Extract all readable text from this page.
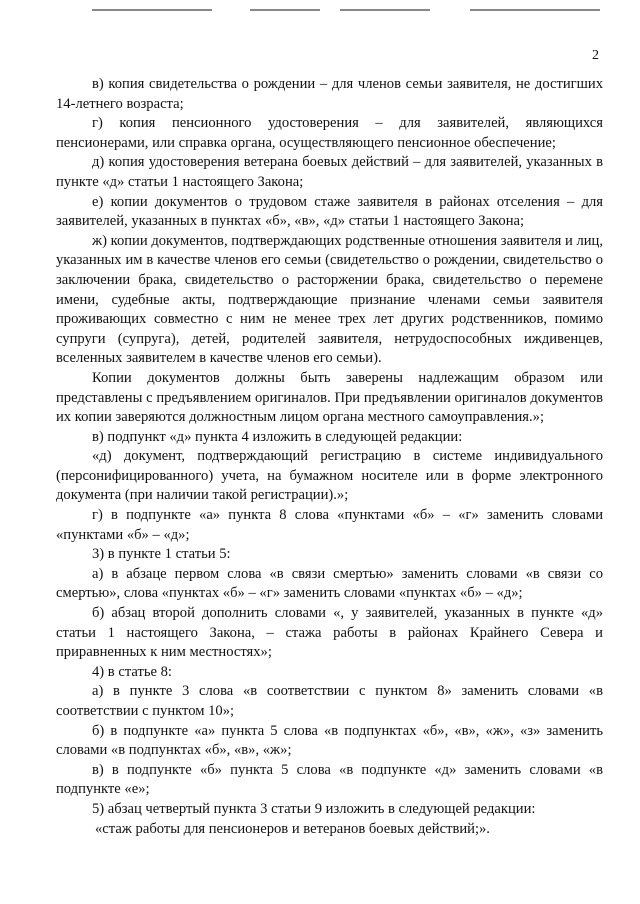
2

в) копия свидетельства о рождении – для членов семьи заявителя, не достигших 14-летнего возраста;

г) копия пенсионного удостоверения – для заявителей, являющихся пенсионерами, или справка органа, осуществляющего пенсионное обеспечение;

д) копия удостоверения ветерана боевых действий – для заявителей, указанных в пункте «д» статьи 1 настоящего Закона;

е) копии документов о трудовом стаже заявителя в районах отселения – для заявителей, указанных в пунктах «б», «в», «д» статьи 1 настоящего Закона;

ж) копии документов, подтверждающих родственные отношения заявителя и лиц, указанных им в качестве членов его семьи (свидетельство о рождении, свидетельство о заключении брака, свидетельство о расторжении брака, свидетельство о перемене имени, судебные акты, подтверждающие признание членами семьи заявителя проживающих совместно с ним не менее трех лет других родственников, помимо супруги (супруга), детей, родителей заявителя, нетрудоспособных иждивенцев, вселенных заявителем в качестве членов его семьи).

Копии документов должны быть заверены надлежащим образом или представлены с предъявлением оригиналов. При предъявлении оригиналов документов их копии заверяются должностным лицом органа местного самоуправления.»;

в) подпункт «д» пункта 4 изложить в следующей редакции:

«д) документ, подтверждающий регистрацию в системе индивидуального (персонифицированного) учета, на бумажном носителе или в форме электронного документа (при наличии такой регистрации).»;

г) в подпункте «а» пункта 8 слова «пунктами «б» – «г» заменить словами «пунктами «б» – «д»;

3) в пункте 1 статьи 5:

а) в абзаце первом слова «в связи смертью» заменить словами «в связи со смертью», слова «пунктах «б» – «г» заменить словами «пунктах «б» – «д»;

б) абзац второй дополнить словами «, у заявителей, указанных в пункте «д» статьи 1 настоящего Закона, – стажа работы в районах Крайнего Севера и приравненных к ним местностях»;

4) в статье 8:

а) в пункте 3 слова «в соответствии с пунктом 8» заменить словами «в соответствии с пунктом 10»;

б) в подпункте «а» пункта 5 слова «в подпунктах «б», «в», «ж», «з» заменить словами «в подпунктах «б», «в», «ж»;

в) в подпункте «б» пункта 5 слова «в подпункте «д» заменить словами «в подпункте «е»;

5) абзац четвертый пункта 3 статьи 9 изложить в следующей редакции:

«стаж работы для пенсионеров и ветеранов боевых действий;».
